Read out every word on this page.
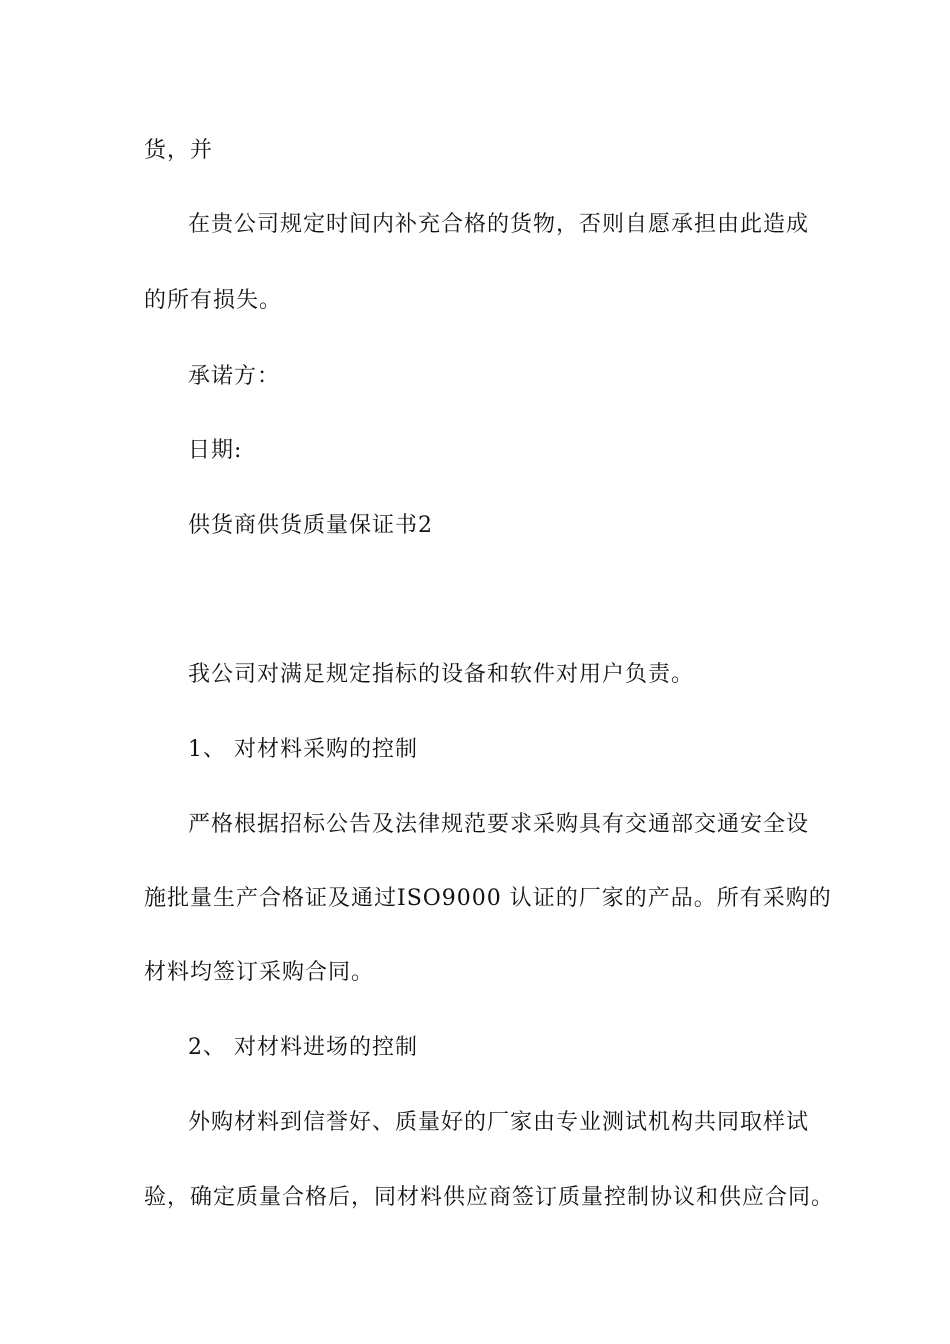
货，并
在贵公司规定时间内补充合格的货物，否则自愿承担由此造成
的所有损失。
承诺方：
日期:
供货商供货质量保证书2
我公司对满足规定指标的设备和软件对用户负责。
1、 对材料采购的控制
严格根据招标公告及法律规范要求采购具有交通部交通安全设
施批量生产合格证及通过ISO9000 认证的厂家的产品。所有采购的
材料均签订采购合同。
2、 对材料进场的控制
外购材料到信誉好、质量好的厂家由专业测试机构共同取样试
验，确定质量合格后，同材料供应商签订质量控制协议和供应合同。
